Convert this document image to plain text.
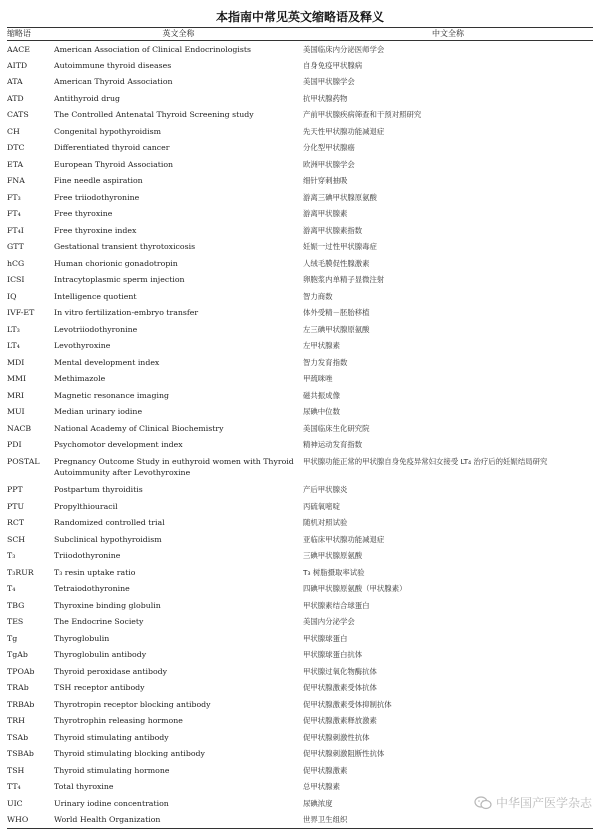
本指南中常见英文缩略语及释义
缩略语	英文全称	中文全称
AACE	American Association of Clinical Endocrinologists	美国临床内分泌医师学会
AITD	Autoimmune thyroid diseases	自身免疫甲状腺病
ATA	American Thyroid Association	美国甲状腺学会
ATD	Antithyroid drug	抗甲状腺药物
CATS	The Controlled Antenatal Thyroid Screening study	产前甲状腺疾病筛查和干预对照研究
CH	Congenital hypothyroidism	先天性甲状腺功能减退症
DTC	Differentiated thyroid cancer	分化型甲状腺癌
ETA	European Thyroid Association	欧洲甲状腺学会
FNA	Fine needle aspiration	细针穿刺抽吸
FT₃	Free triiodothyronine	游离三碘甲状腺原氨酸
FT₄	Free thyroxine	游离甲状腺素
FT₄I	Free thyroxine index	游离甲状腺素指数
GTT	Gestational transient thyrotoxicosis	妊娠一过性甲状腺毒症
hCG	Human chorionic gonadotropin	人绒毛膜促性腺激素
ICSI	Intracytoplasmic sperm injection	卵胞浆内单精子显微注射
IQ	Intelligence quotient	智力商数
IVF-ET	In vitro fertilization-embryo transfer	体外受精－胚胎移植
LT₃	Levotriiodothyronine	左三碘甲状腺原氨酸
LT₄	Levothyroxine	左甲状腺素
MDI	Mental development index	智力发育指数
MMI	Methimazole	甲巯咪唑
MRI	Magnetic resonance imaging	磁共振成像
MUI	Median urinary iodine	尿碘中位数
NACB	National Academy of Clinical Biochemistry	美国临床生化研究院
PDI	Psychomotor development index	精神运动发育指数
POSTAL	Pregnancy Outcome Study in euthyroid women with Thyroid Autoimmunity after Levothyroxine	甲状腺功能正常的甲状腺自身免疫异常妇女接受 LT₄ 治疗后的妊娠结局研究
PPT	Postpartum thyroiditis	产后甲状腺炎
PTU	Propylthiouracil	丙硫氧嘧啶
RCT	Randomized controlled trial	随机对照试验
SCH	Subclinical hypothyroidism	亚临床甲状腺功能减退症
T₃	Triiodothyronine	三碘甲状腺原氨酸
T₃RUR	T₃ resin uptake ratio	T₃ 树脂摄取率试验
T₄	Tetraiodothyronine	四碘甲状腺原氨酸（甲状腺素）
TBG	Thyroxine binding globulin	甲状腺素结合球蛋白
TES	The Endocrine Society	美国内分泌学会
Tg	Thyroglobulin	甲状腺球蛋白
TgAb	Thyroglobulin antibody	甲状腺球蛋白抗体
TPOAb	Thyroid peroxidase antibody	甲状腺过氧化物酶抗体
TRAb	TSH receptor antibody	促甲状腺激素受体抗体
TRBAb	Thyrotropin receptor blocking antibody	促甲状腺激素受体抑制抗体
TRH	Thyrotrophin releasing hormone	促甲状腺激素释放激素
TSAb	Thyroid stimulating antibody	促甲状腺刺激性抗体
TSBAb	Thyroid stimulating blocking antibody	促甲状腺刺激阻断性抗体
TSH	Thyroid stimulating hormone	促甲状腺激素
TT₄	Total thyroxine	总甲状腺素
UIC	Urinary iodine concentration	尿碘浓度
WHO	World Health Organization	世界卫生组织
中华国产医学杂志
